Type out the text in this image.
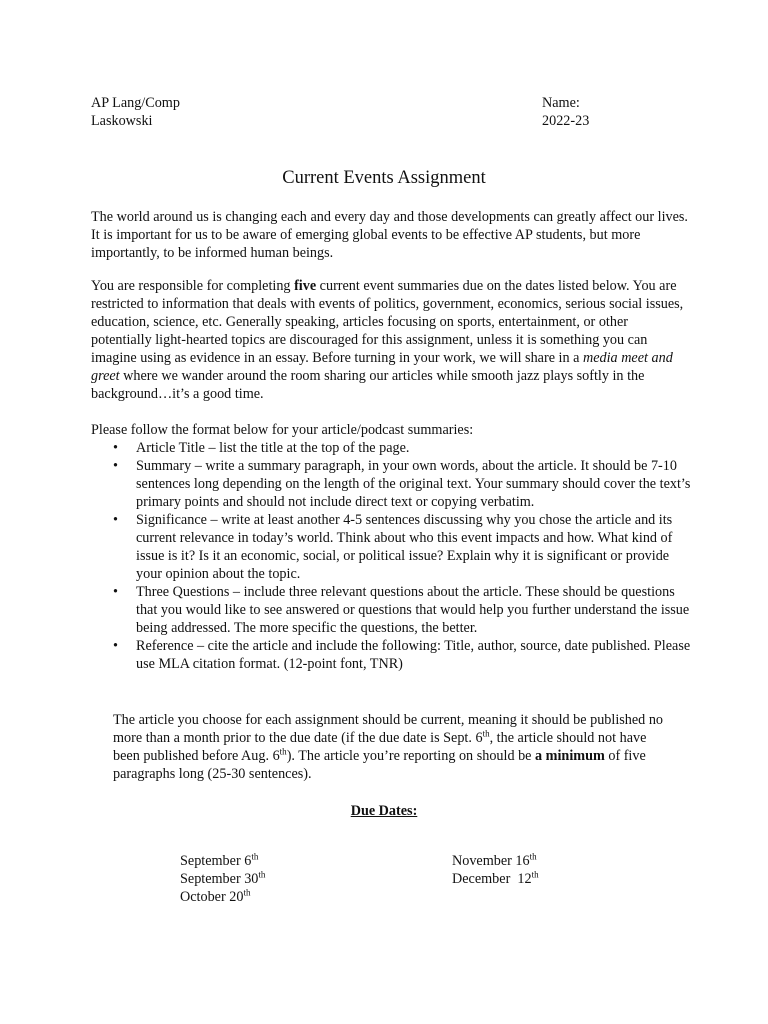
AP Lang/Comp
Laskowski
Name:
2022-23
Current Events Assignment

The world around us is changing each and every day and those developments can greatly affect our lives. It is important for us to be aware of emerging global events to be effective AP students, but more importantly, to be informed human beings.

You are responsible for completing five current event summaries due on the dates listed below. You are restricted to information that deals with events of politics, government, economics, serious social issues, education, science, etc. Generally speaking, articles focusing on sports, entertainment, or other potentially light-hearted topics are discouraged for this assignment, unless it is something you can imagine using as evidence in an essay. Before turning in your work, we will share in a media meet and greet where we wander around the room sharing our articles while smooth jazz plays softly in the background…it’s a good time.

Please follow the format below for your article/podcast summaries:

• Article Title – list the title at the top of the page.
• Summary – write a summary paragraph, in your own words, about the article. It should be 7-10 sentences long depending on the length of the original text. Your summary should cover the text’s primary points and should not include direct text or copying verbatim.
• Significance – write at least another 4-5 sentences discussing why you chose the article and its current relevance in today’s world. Think about who this event impacts and how. What kind of issue is it? Is it an economic, social, or political issue? Explain why it is significant or provide your opinion about the topic.
• Three Questions – include three relevant questions about the article. These should be questions that you would like to see answered or questions that would help you further understand the issue being addressed. The more specific the questions, the better.
• Reference – cite the article and include the following: Title, author, source, date published. Please use MLA citation format. (12-point font, TNR)

The article you choose for each assignment should be current, meaning it should be published no more than a month prior to the due date (if the due date is Sept. 6th, the article should not have been published before Aug. 6th). The article you’re reporting on should be a minimum of five paragraphs long (25-30 sentences).

Due Dates:
September 6th
September 30th
October 20th
November 16th
December  12th
